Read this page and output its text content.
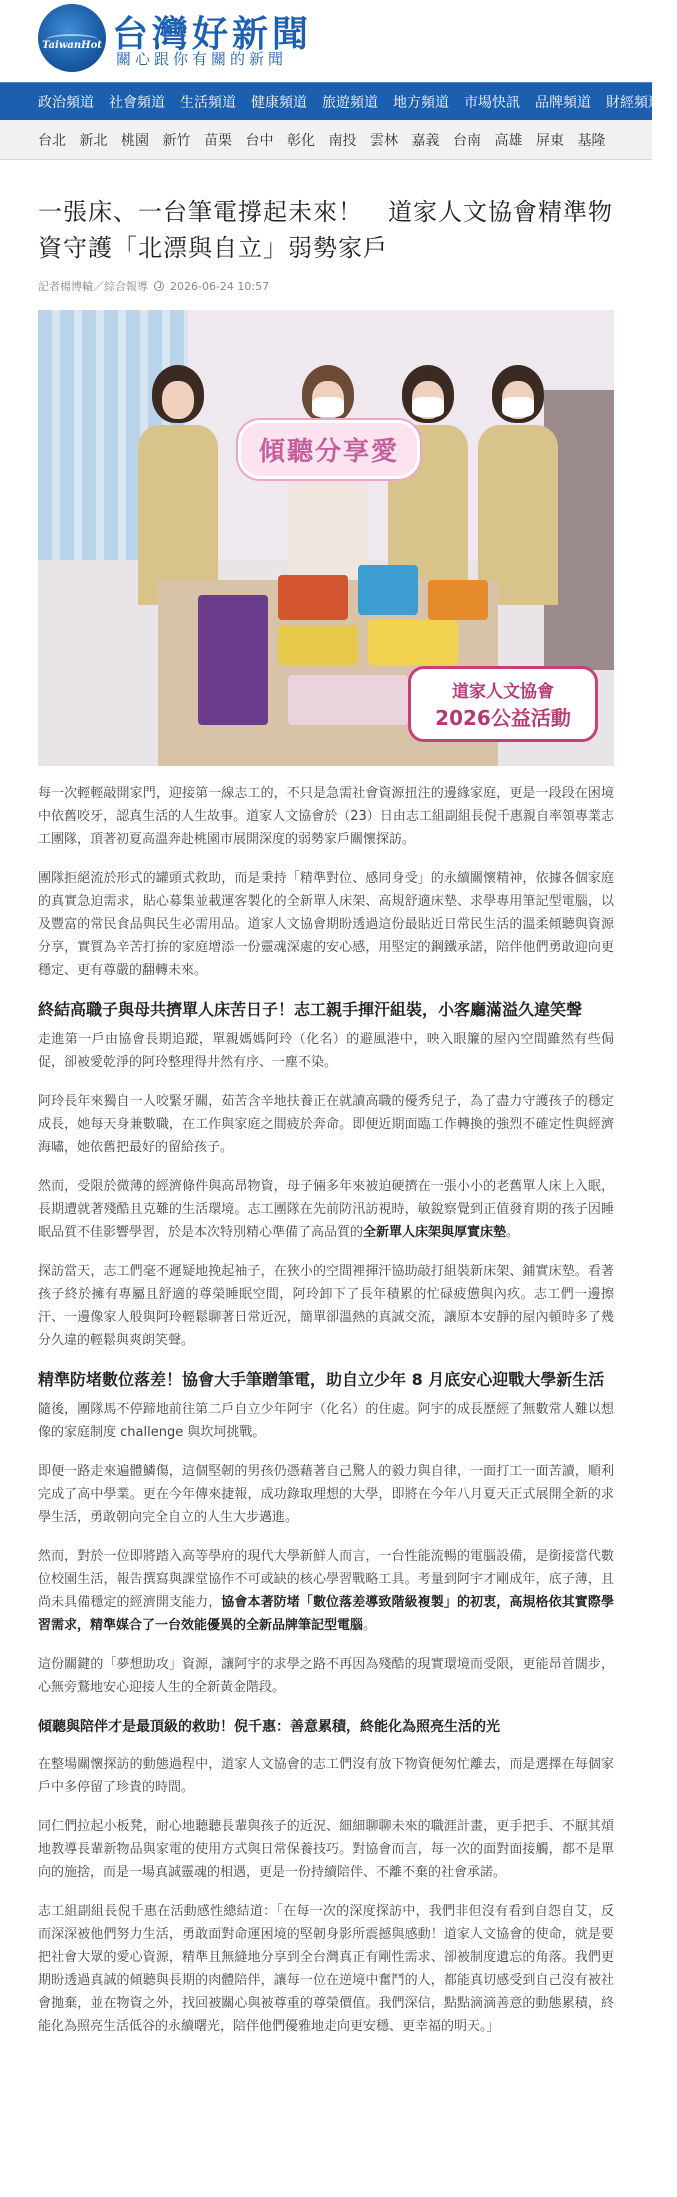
TaiwanHot 台灣好新聞
關心跟你有關的新聞
政治頻道	社會頻道	生活頻道	健康頻道	旅遊頻道	地方頻道	市場快訊	品牌頻道	財經頻道
台北 新北 桃園 新竹 苗栗 台中 彰化 南投 雲林 嘉義 台南 高雄 屏東 基隆
一張床、一台筆電撐起未來！　道家人文協會精準物資守護「北漂與自立」弱勢家戶
記者楊博輸／綜合報導 2026-06-24 10:57
傾聽分享愛
道家人文協會
2026公益活動

每一次輕輕敲開家門，迎接第一線志工的，不只是急需社會資源扭注的邊緣家庭，更是一段段在困境中依舊咬牙，認真生活的人生故事。道家人文協會於（23）日由志工組副組長倪千惠親自率領專業志工團隊，頂著初夏高溫奔赴桃園市展開深度的弱勢家戶關懷探訪。

團隊拒絕流於形式的罐頭式救助，而是秉持「精準對位、感同身受」的永續關懷精神，依據各個家庭的真實急迫需求，貼心募集並載運客製化的全新單人床架、高規舒適床墊、求學專用筆記型電腦，以及豐富的常民食品與民生必需用品。道家人文協會期盼透過這份最貼近日常民生活的溫柔傾聽與資源分享，實質為辛苦打拚的家庭增添一份靈魂深處的安心感，用堅定的鋼鐵承諾，陪伴他們勇敢迎向更穩定、更有尊嚴的翻轉未來。

終結高職子與母共擠單人床苦日子！志工親手揮汗組裝，小客廳滿溢久違笑聲

走進第一戶由協會長期追蹤，單親媽媽阿玲（化名）的避風港中，映入眼簾的屋內空間雖然有些侷促，卻被愛乾淨的阿玲整理得井然有序、一塵不染。

阿玲長年來獨自一人咬緊牙關，茹苦含辛地扶養正在就讀高職的優秀兒子，為了盡力守護孩子的穩定成長，她每天身兼數職，在工作與家庭之間疲於奔命。即便近期面臨工作轉換的強烈不確定性與經濟海嘯，她依舊把最好的留給孩子。

然而，受限於微薄的經濟條件與高昂物資，母子倆多年來被迫硬擠在一張小小的老舊單人床上入眠，長期遭就著殘酷且克難的生活環境。志工團隊在先前防汛訪視時，敏銳察覺到正值發育期的孩子因睡眠品質不佳影響學習，於是本次特別精心準備了高品質的全新單人床架與厚實床墊。

探訪當天，志工們毫不遲疑地挽起袖子，在狹小的空間裡揮汗協助敲打組裝新床架、鋪實床墊。看著孩子終於擁有專屬且舒適的尊榮睡眠空間，阿玲卸下了長年積累的忙碌疲憊與內疚。志工們一邊擦汗、一邊像家人般與阿玲輕鬆聊著日常近況，簡單卻溫熱的真誠交流，讓原本安靜的屋內頓時多了幾分久違的輕鬆與爽朗笑聲。

精準防堵數位落差！協會大手筆贈筆電，助自立少年 8 月底安心迎戰大學新生活

隨後，團隊馬不停蹄地前往第二戶自立少年阿宇（化名）的住處。阿宇的成長歷經了無數常人難以想像的家庭制度 challenge 與坎坷挑戰。

即便一路走來遍體鱗傷，這個堅韌的男孩仍憑藉著自己驚人的毅力與自律，一面打工一面苦讀，順利完成了高中學業。更在今年傳來捷報，成功錄取理想的大學，即將在今年八月夏天正式展開全新的求學生活，勇敢朝向完全自立的人生大步邁進。

然而，對於一位即將踏入高等學府的現代大學新鮮人而言，一台性能流暢的電腦設備，是銜接當代數位校園生活，報告撰寫與課堂協作不可或缺的核心學習戰略工具。考量到阿宇才剛成年，底子薄，且尚未具備穩定的經濟開支能力，協會本著防堵「數位落差導致階級複製」的初衷，高規格依其實際學習需求，精準媒合了一台效能優異的全新品牌筆記型電腦。

這份關鍵的「夢想助攻」資源，讓阿宇的求學之路不再因為殘酷的現實環境而受限，更能昂首闊步，心無旁鶩地安心迎接人生的全新黃金階段。

傾聽與陪伴才是最頂級的救助！倪千惠：善意累積，終能化為照亮生活的光

在整場關懷探訪的動態過程中，道家人文協會的志工們沒有放下物資便匆忙離去，而是選擇在每個家戶中多停留了珍貴的時間。

同仁們拉起小板凳，耐心地聽聽長輩與孩子的近況、細細聊聊未來的職涯計畫，更手把手、不厭其煩地教導長輩新物品與家電的使用方式與日常保養技巧。對協會而言，每一次的面對面接觸，都不是單向的施捨，而是一場真誠靈魂的相遇，更是一份持續陪伴、不離不棄的社會承諾。

志工組副組長倪千惠在活動感性總結道：「在每一次的深度探訪中，我們非但沒有看到自怨自艾，反而深深被他們努力生活，勇敢面對命運困境的堅韌身影所震撼與感動！道家人文協會的使命，就是要把社會大眾的愛心資源，精準且無縫地分享到全台灣真正有剛性需求、卻被制度遺忘的角落。我們更期盼透過真誠的傾聽與長期的肉體陪伴，讓每一位在逆境中奮鬥的人，都能真切感受到自己沒有被社會拋棄，並在物資之外，找回被關心與被尊重的尊榮價值。我們深信，點點滴滴善意的動態累積，終能化為照亮生活低谷的永續曙光，陪伴他們優雅地走向更安穩、更幸福的明天。」
